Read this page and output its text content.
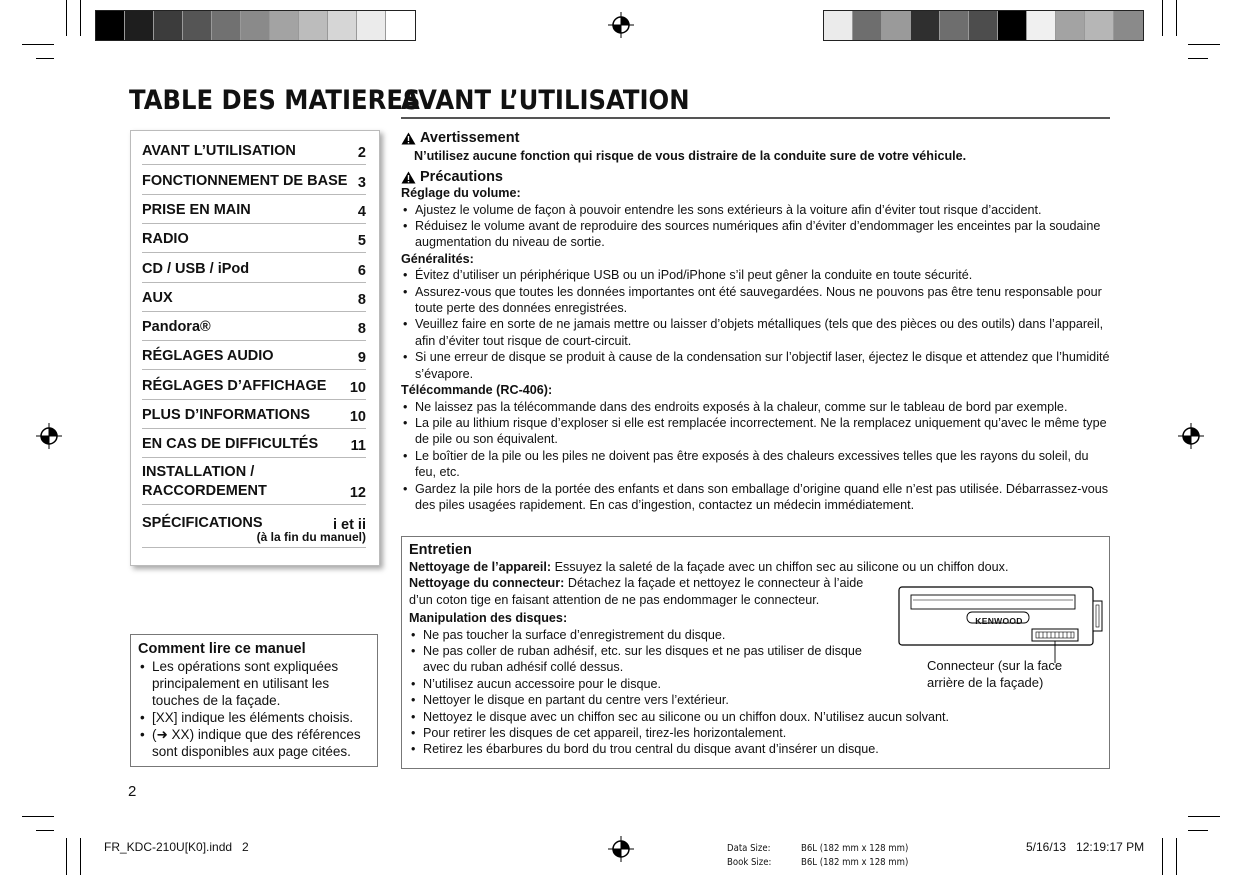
TABLE DES MATIERES
AVANT L’UTILISATION
AVANT L’UTILISATION	2
FONCTIONNEMENT DE BASE 3
PRISE EN MAIN	4
RADIO	5
CD / USB / iPod	6
AUX	8
Pandora®	8
RÉGLAGES AUDIO	9
RÉGLAGES D’AFFICHAGE 10
PLUS D’INFORMATIONS	10
EN CAS DE DIFFICULTÉS 11
INSTALLATION /
RACCORDEMENT	12
SPÉCIFICATIONS	i et ii
(à la fin du manuel)
Comment lire ce manuel
• Les opérations sont expliquées principalement en utilisant les touches de la façade.
• [XX] indique les éléments choisis.
• (➜ XX) indique que des références sont disponibles aux page citées.
Avertissement
N’utilisez aucune fonction qui risque de vous distraire de la conduite sure de votre véhicule.
Précautions
Réglage du volume:
• Ajustez le volume de façon à pouvoir entendre les sons extérieurs à la voiture afin d’éviter tout risque d’accident.
• Réduisez le volume avant de reproduire des sources numériques afin d’éviter d’endommager les enceintes par la soudaine augmentation du niveau de sortie.
Généralités:
• Évitez d’utiliser un périphérique USB ou un iPod/iPhone s’il peut gêner la conduite en toute sécurité.
• Assurez-vous que toutes les données importantes ont été sauvegardées. Nous ne pouvons pas être tenu responsable pour toute perte des données enregistrées.
• Veuillez faire en sorte de ne jamais mettre ou laisser d’objets métalliques (tels que des pièces ou des outils) dans l’appareil, afin d’éviter tout risque de court-circuit.
• Si une erreur de disque se produit à cause de la condensation sur l’objectif laser, éjectez le disque et attendez que l’humidité s’évapore.
Télécommande (RC-406):
• Ne laissez pas la télécommande dans des endroits exposés à la chaleur, comme sur le tableau de bord par exemple.
• La pile au lithium risque d’exploser si elle est remplacée incorrectement. Ne la remplacez uniquement qu’avec le même type de pile ou son équivalent.
• Le boîtier de la pile ou les piles ne doivent pas être exposés à des chaleurs excessives telles que les rayons du soleil, du feu, etc.
• Gardez la pile hors de la portée des enfants et dans son emballage d’origine quand elle n’est pas utilisée. Débarrassez-vous des piles usagées rapidement. En cas d’ingestion, contactez un médecin immédiatement.
Entretien
Nettoyage de l’appareil: Essuyez la saleté de la façade avec un chiffon sec au silicone ou un chiffon doux.
Nettoyage du connecteur: Détachez la façade et nettoyez le connecteur à l’aide d’un coton tige en faisant attention de ne pas endommager le connecteur.
Manipulation des disques:
• Ne pas toucher la surface d’enregistrement du disque.
• Ne pas coller de ruban adhésif, etc. sur les disques et ne pas utiliser de disque avec du ruban adhésif collé dessus.
• N’utilisez aucun accessoire pour le disque.
• Nettoyer le disque en partant du centre vers l’extérieur.
• Nettoyez le disque avec un chiffon sec au silicone ou un chiffon doux. N’utilisez aucun solvant.
• Pour retirer les disques de cet appareil, tirez-les horizontalement.
• Retirez les ébarbures du bord du trou central du disque avant d’insérer un disque.
KENWOOD
Connecteur (sur la face arrière de la façade)
2
FR_KDC-210U[K0].indd   2	Data Size:	B6L (182 mm x 128 mm)
Book Size:	B6L (182 mm x 128 mm)
5/16/13   12:19:17 PM
